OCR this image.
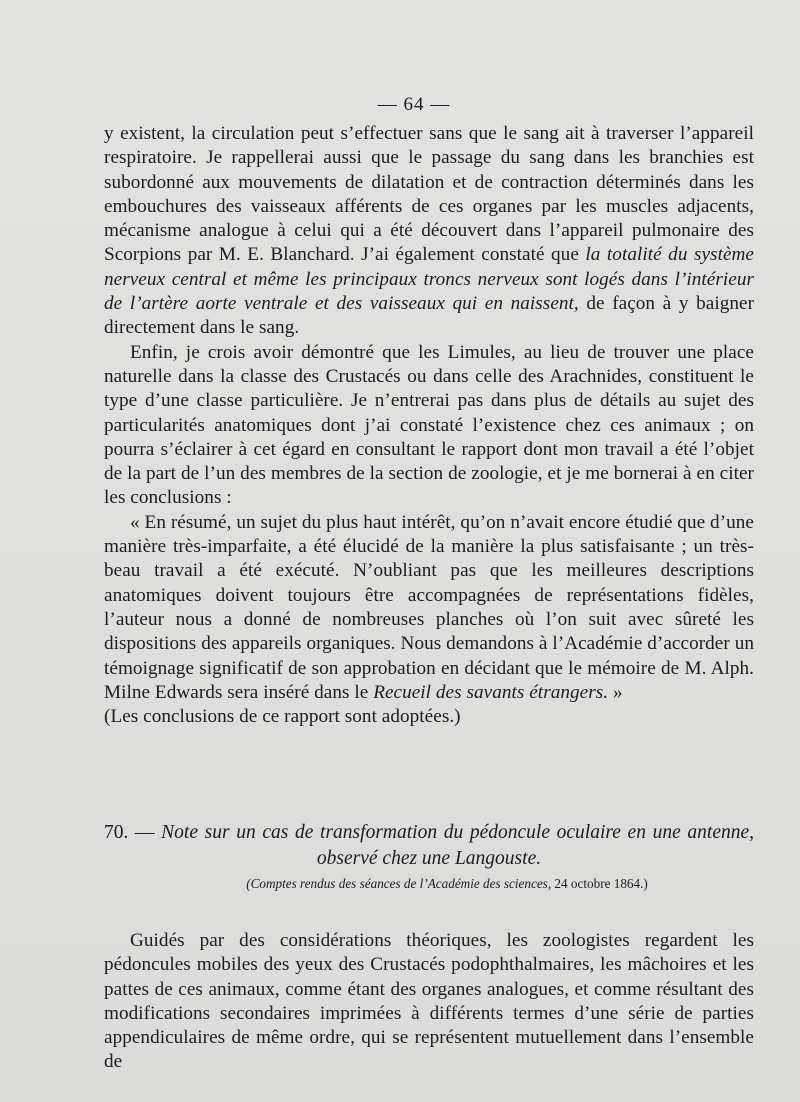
— 64 —

y existent, la circulation peut s’effectuer sans que le sang ait à traverser l’appareil respiratoire. Je rappellerai aussi que le passage du sang dans les branchies est subordonné aux mouvements de dilatation et de contraction déterminés dans les embouchures des vaisseaux afférents de ces organes par les muscles adjacents, mécanisme analogue à celui qui a été découvert dans l’appareil pulmonaire des Scorpions par M. E. Blanchard. J’ai également constaté que la totalité du système nerveux central et même les principaux troncs nerveux sont logés dans l’intérieur de l’artère aorte ventrale et des vaisseaux qui en naissent, de façon à y baigner directement dans le sang.

Enfin, je crois avoir démontré que les Limules, au lieu de trouver une place naturelle dans la classe des Crustacés ou dans celle des Arachnides, constituent le type d’une classe particulière. Je n’entrerai pas dans plus de détails au sujet des particularités anatomiques dont j’ai constaté l’existence chez ces animaux ; on pourra s’éclairer à cet égard en consultant le rapport dont mon travail a été l’objet de la part de l’un des membres de la section de zoologie, et je me bornerai à en citer les conclusions :

« En résumé, un sujet du plus haut intérêt, qu’on n’avait encore étudié que d’une manière très-imparfaite, a été élucidé de la manière la plus satisfaisante ; un très-beau travail a été exécuté. N’oubliant pas que les meilleures descriptions anatomiques doivent toujours être accompagnées de représentations fidèles, l’auteur nous a donné de nombreuses planches où l’on suit avec sûreté les dispositions des appareils organiques. Nous demandons à l’Académie d’accorder un témoignage significatif de son approbation en décidant que le mémoire de M. Alph. Milne Edwards sera inséré dans le Recueil des savants étrangers. »

(Les conclusions de ce rapport sont adoptées.)

70. — Note sur un cas de transformation du pédoncule oculaire en une antenne,
observé chez une Langouste.
(Comptes rendus des séances de l’Académie des sciences, 24 octobre 1864.)
Guidés par des considérations théoriques, les zoologistes regardent les pédoncules mobiles des yeux des Crustacés podophthalmaires, les mâchoires et les pattes de ces animaux, comme étant des organes analogues, et comme résultant des modifications secondaires imprimées à différents termes d’une série de parties appendiculaires de même ordre, qui se représentent mutuellement dans l’ensemble de
